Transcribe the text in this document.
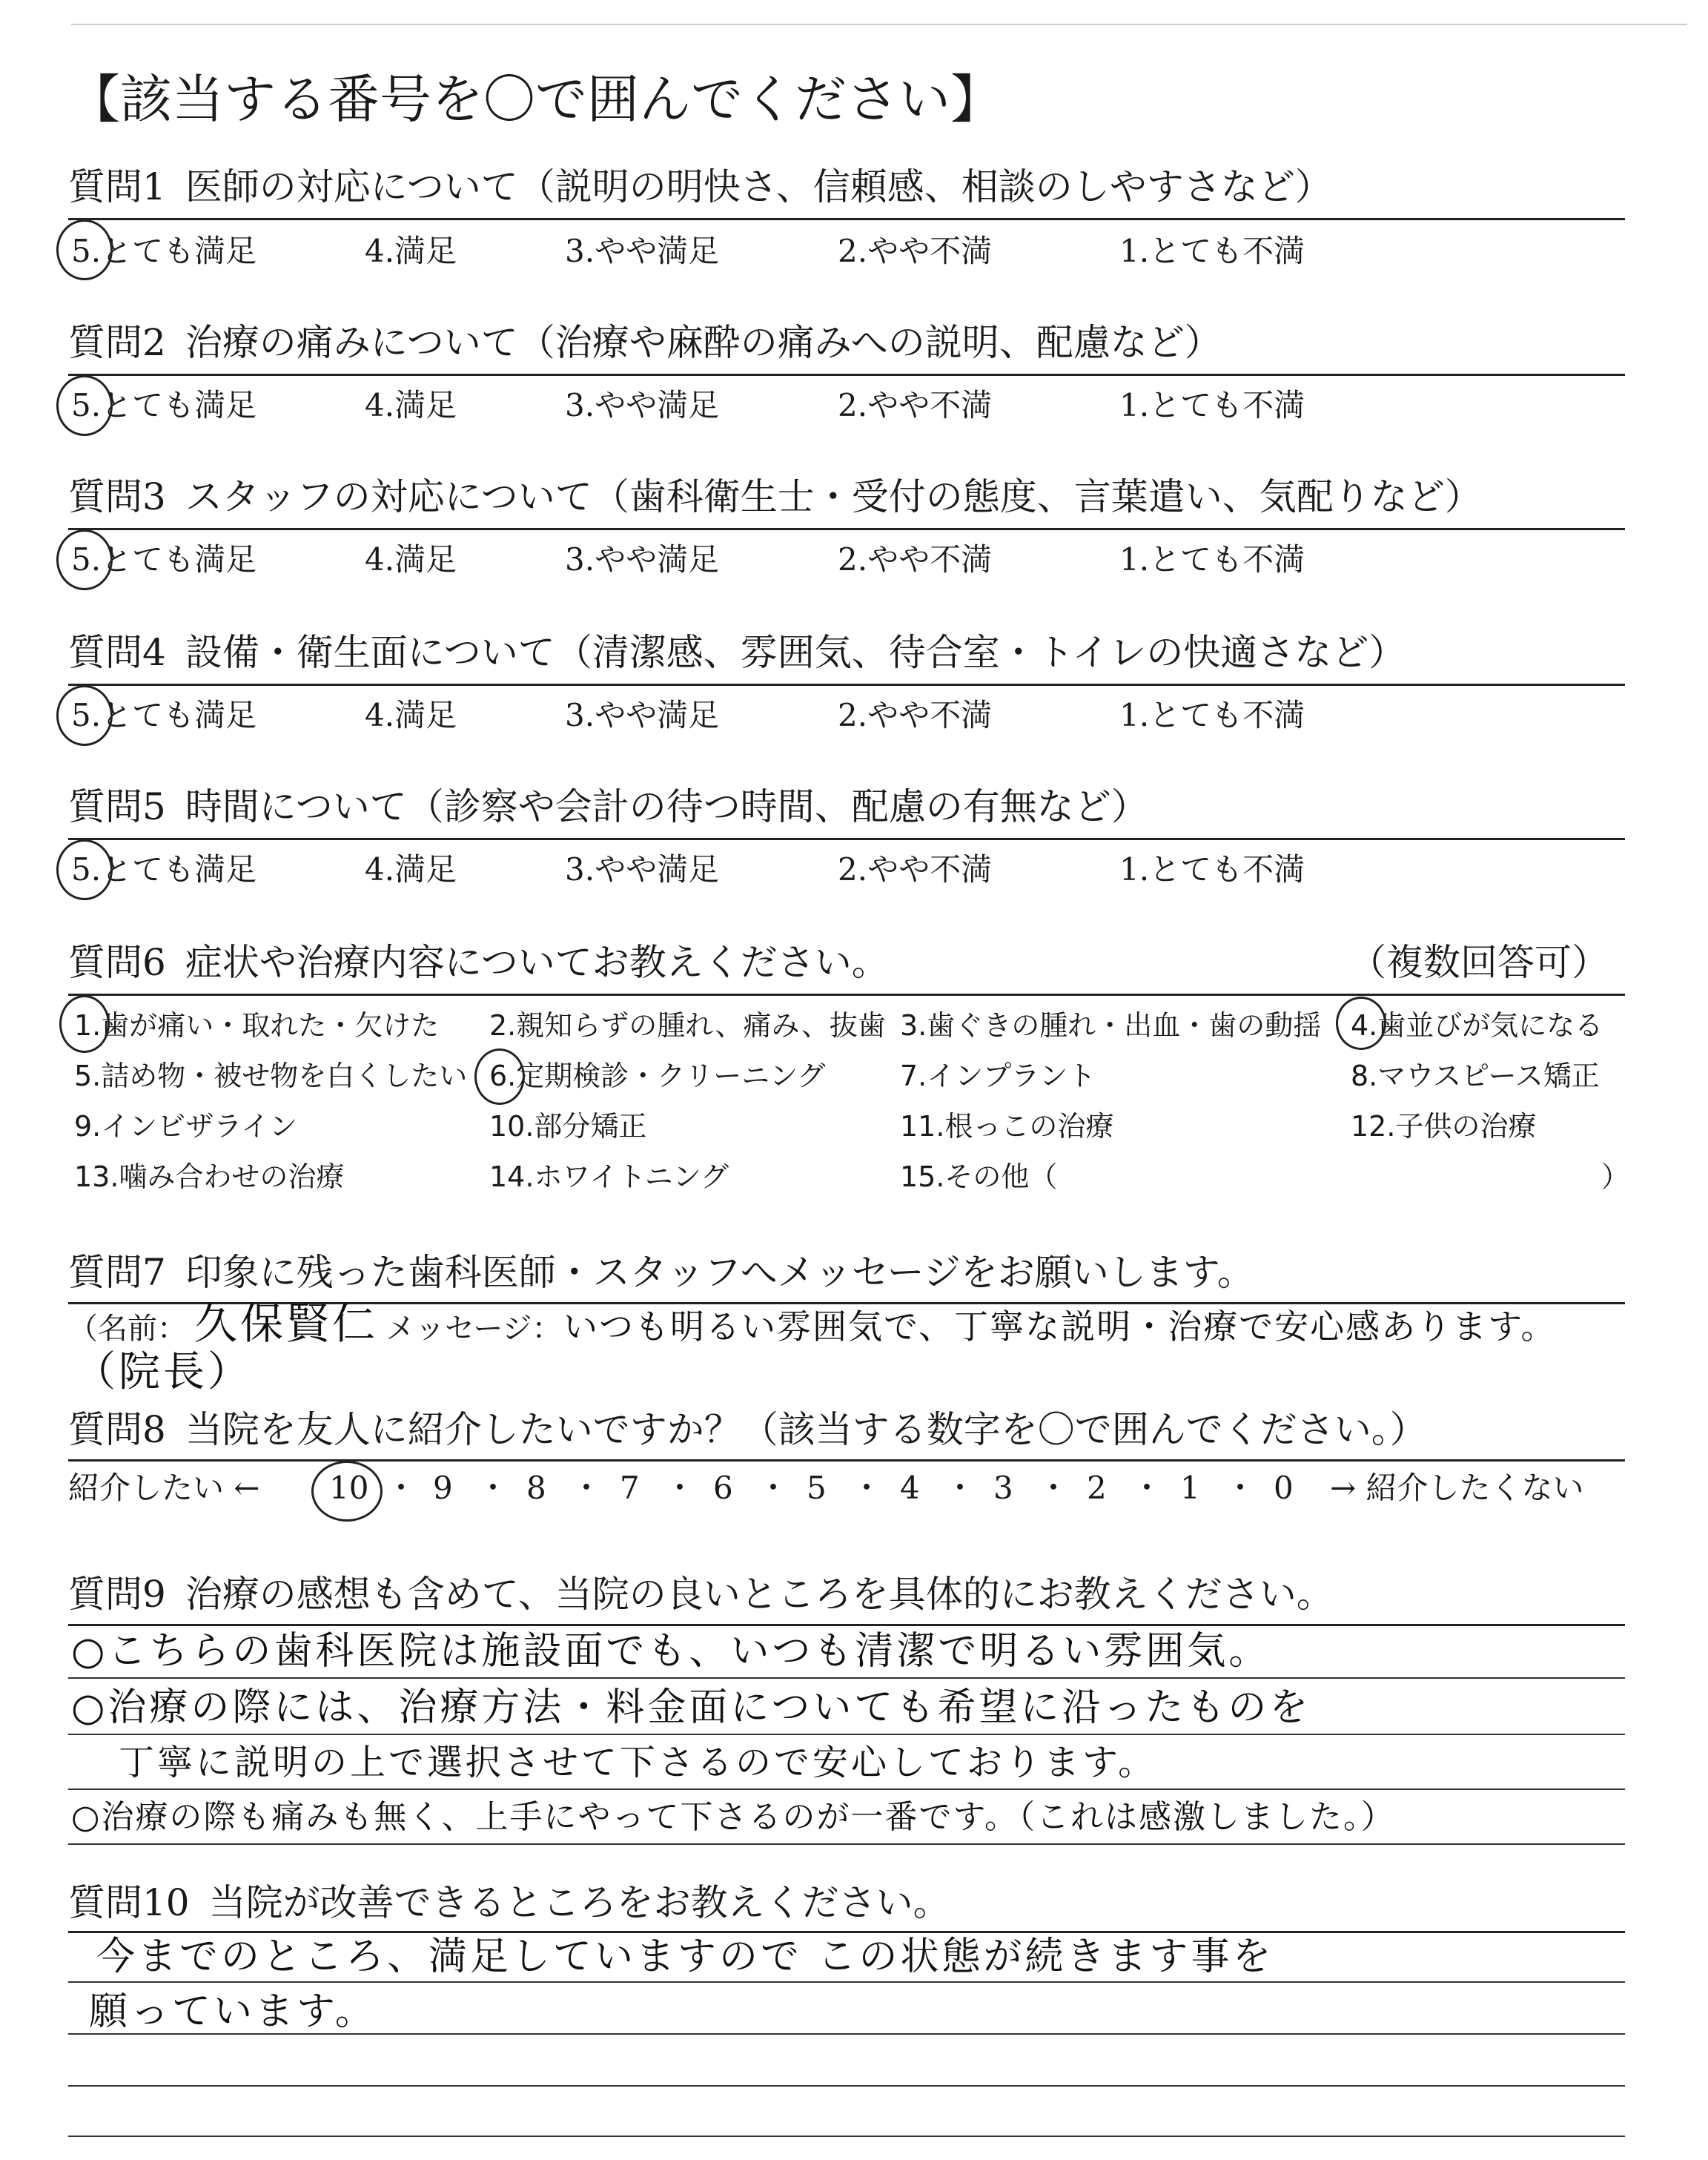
【該当する番号を〇で囲んでください】
質問1 医師の対応について（説明の明快さ、信頼感、相談のしやすさなど）
5.とても満足	4.満足	3.やや満足	2.やや不満	1.とても不満
質問2 治療の痛みについて（治療や麻酔の痛みへの説明、配慮など）
5.とても満足	4.満足	3.やや満足	2.やや不満	1.とても不満
質問3 スタッフの対応について（歯科衛生士・受付の態度、言葉遣い、気配りなど）
5.とても満足	4.満足	3.やや満足	2.やや不満	1.とても不満
質問4 設備・衛生面について（清潔感、雰囲気、待合室・トイレの快適さなど）
5.とても満足	4.満足	3.やや満足	2.やや不満	1.とても不満
質問5 時間について（診察や会計の待つ時間、配慮の有無など）
5.とても満足	4.満足	3.やや満足	2.やや不満	1.とても不満
質問6 症状や治療内容についてお教えください。	（複数回答可）
1.歯が痛い・取れた・欠けた 2.親知らずの腫れ、痛み、抜歯 3.歯ぐきの腫れ・出血・歯の動揺 4.歯並びが気になる
5.詰め物・被せ物を白くしたい 6.定期検診・クリーニング	7.インプラント	8.マウスピース矯正
9.インビザライン	10.部分矯正	11.根っこの治療	12.子供の治療
13.噛み合わせの治療	14.ホワイトニング	15.その他（	）
質問7 印象に残った歯科医師・スタッフへメッセージをお願いします。
（名前： 久保賢仁 メッセージ： いつも明るい雰囲気で、丁寧な説明・治療で安心感あります。
（院長）
質問8 当院を友人に紹介したいですか？（該当する数字を〇で囲んでください。）
紹介したい ←	→ 紹介したくない
10 ・ 9 ・ 8 ・ 7 ・ 6 ・ 5 ・ 4 ・ 3 ・ 2 ・ 1 ・ 0
質問9 治療の感想も含めて、当院の良いところを具体的にお教えください。
○こちらの歯科医院は施設面でも、いつも清潔で明るい雰囲気。
○治療の際には、治療方法・料金面についても希望に沿ったものを
丁寧に説明の上で選択させて下さるので安心しております。
○治療の際も痛みも無く、上手にやって下さるのが一番です。（これは感激しました。）
質問10 当院が改善できるところをお教えください。
今までのところ、満足していますので この状態が続きます事を
願っています。
